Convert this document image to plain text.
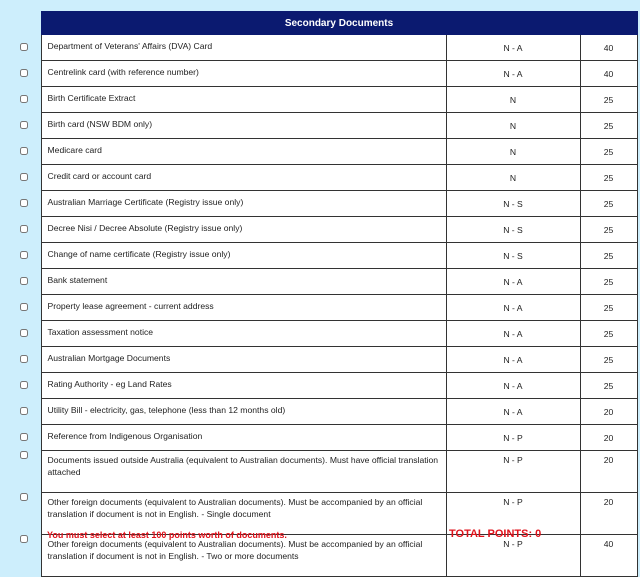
	Secondary Documents		
	Department of Veterans' Affairs (DVA) Card	N - A	40
	Centrelink card (with reference number)	N - A	40
	Birth Certificate Extract	N	25
	Birth card (NSW BDM only)	N	25
	Medicare card	N	25
	Credit card or account card	N	25
	Australian Marriage Certificate (Registry issue only)	N - S	25
	Decree Nisi / Decree Absolute (Registry issue only)	N - S	25
	Change of name certificate (Registry issue only)	N - S	25
	Bank statement	N - A	25
	Property lease agreement - current address	N - A	25
	Taxation assessment notice	N - A	25
	Australian Mortgage Documents	N - A	25
	Rating Authority - eg Land Rates	N - A	25
	Utility Bill - electricity, gas, telephone (less than 12 months old)	N - A	20
	Reference from Indigenous Organisation	N - P	20
	Documents issued outside Australia (equivalent to Australian documents). Must have official translation attached	N - P	20
	Other foreign documents (equivalent to Australian documents). Must be accompanied by an official translation if document is not in English. - Single document	N - P	20
	Other foreign documents (equivalent to Australian documents). Must be accompanied by an official translation if document is not in English. - Two or more documents	N - P	40
You must select at least 100 points worth of documents.	TOTAL POINTS: 0
